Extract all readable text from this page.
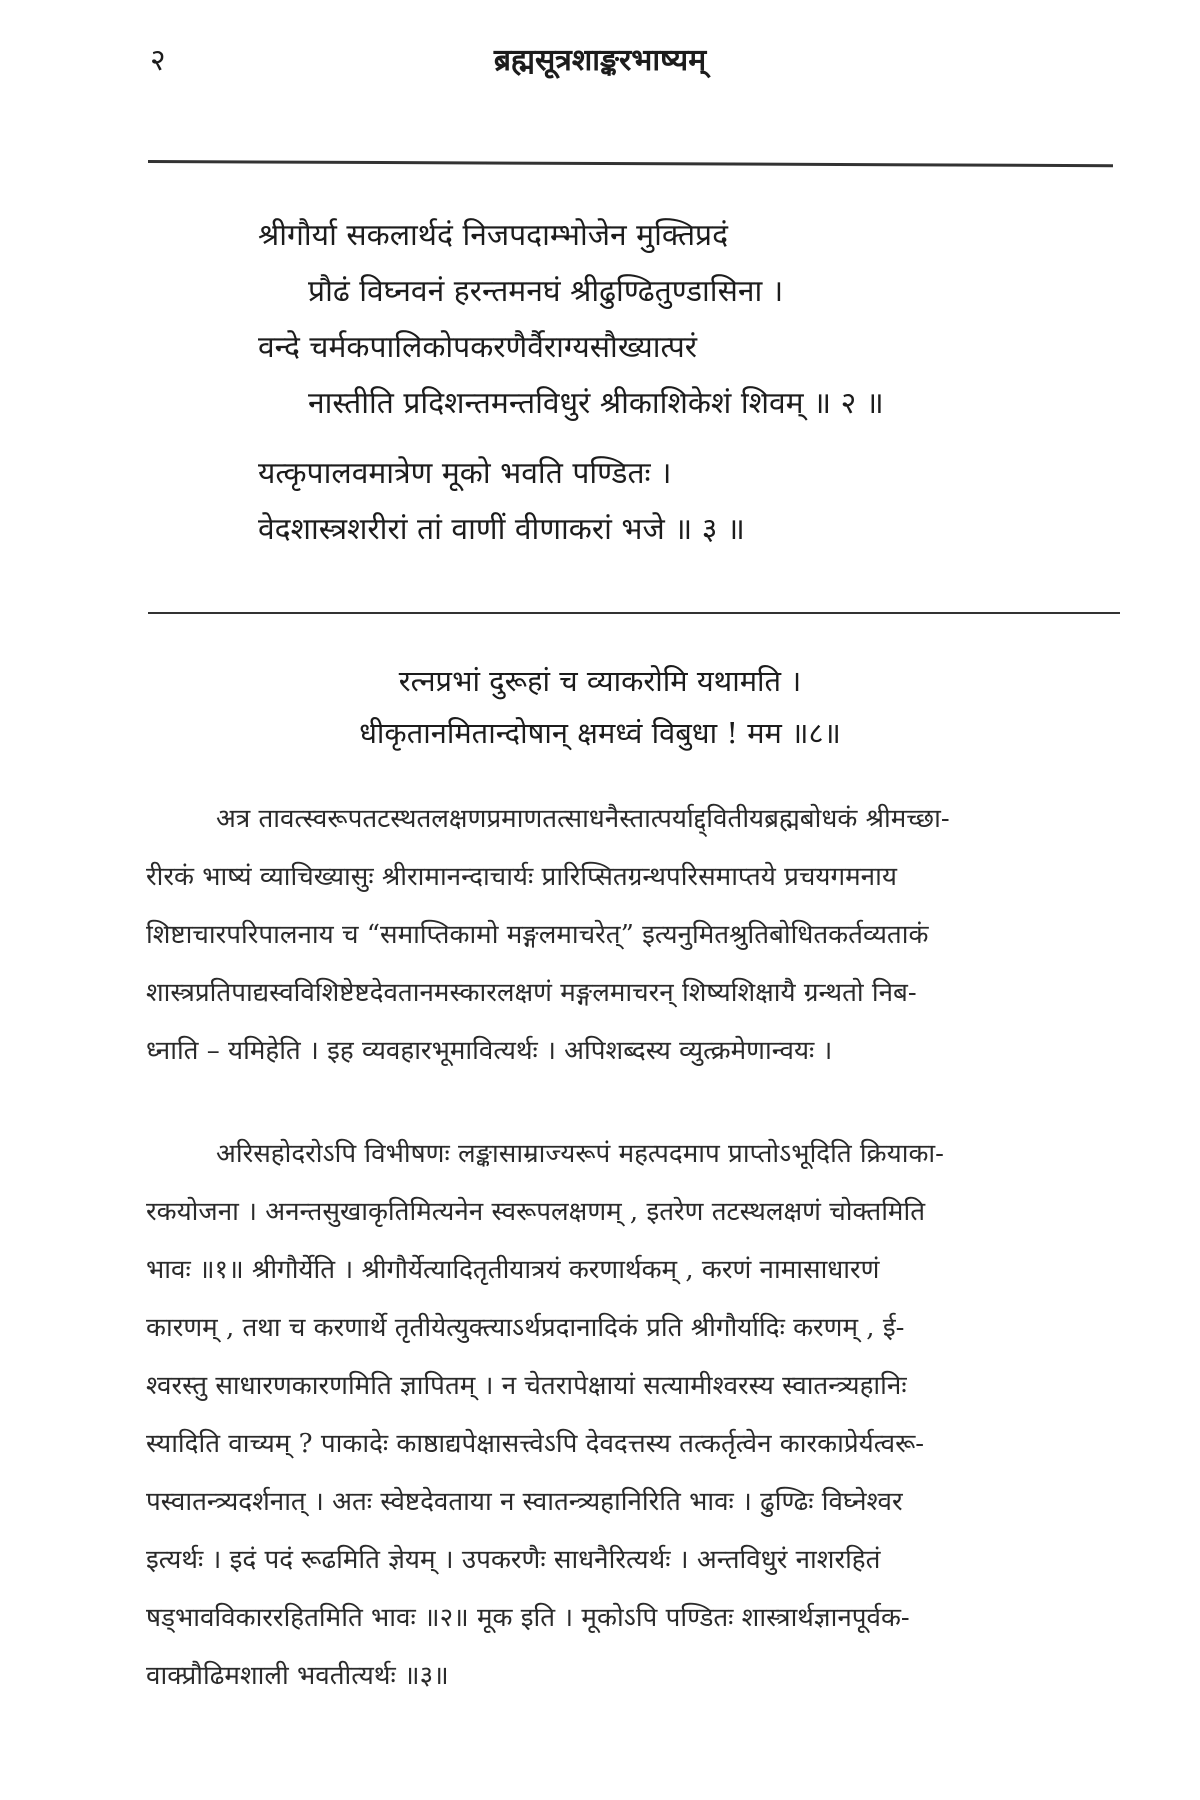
२	ब्रह्मसूत्रशाङ्करभाष्यम्
श्रीगौर्या सकलार्थदं निजपदाम्भोजेन मुक्तिप्रदं
प्रौढं विघ्नवनं हरन्तमनघं श्रीढुण्ढितुण्डासिना ।
वन्दे चर्मकपालिकोपकरणैर्वैराग्यसौख्यात्परं
नास्तीति प्रदिशन्तमन्तविधुरं श्रीकाशिकेशं शिवम् ॥ २ ॥
यत्कृपालवमात्रेण मूको भवति पण्डितः ।
वेदशास्त्रशरीरां तां वाणीं वीणाकरां भजे ॥ ३ ॥
रत्नप्रभां दुरूहां च व्याकरोमि यथामति ।
धीकृतानमितान्दोषान् क्षमध्वं विबुधा ! मम ॥८॥
अत्र तावत्स्वरूपतटस्थतलक्षणप्रमाणतत्साधनैस्तात्पर्याद्द्वितीयब्रह्मबोधकं श्रीमच्छा-
रीरकं भाष्यं व्याचिख्यासुः श्रीरामानन्दाचार्यः प्रारिप्सितग्रन्थपरिसमाप्तये प्रचयगमनाय
शिष्टाचारपरिपालनाय च “समाप्तिकामो मङ्गलमाचरेत्” इत्यनुमितश्रुतिबोधितकर्तव्यताकं
शास्त्रप्रतिपाद्यस्वविशिष्टेष्टदेवतानमस्कारलक्षणं मङ्गलमाचरन् शिष्यशिक्षायै ग्रन्थतो निब-
ध्नाति – यमिहेति । इह व्यवहारभूमावित्यर्थः । अपिशब्दस्य व्युत्क्रमेणान्वयः ।
अरिसहोदरोऽपि विभीषणः लङ्कासाम्राज्यरूपं महत्पदमाप प्राप्तोऽभूदिति क्रियाका-
रकयोजना । अनन्तसुखाकृतिमित्यनेन स्वरूपलक्षणम् , इतरेण तटस्थलक्षणं चोक्तमिति
भावः ॥१॥ श्रीगौर्येति । श्रीगौर्येत्यादितृतीयात्रयं करणार्थकम् , करणं नामासाधारणं
कारणम् , तथा च करणार्थे तृतीयेत्युक्त्याऽर्थप्रदानादिकं प्रति श्रीगौर्यादिः करणम् , ई-
श्वरस्तु साधारणकारणमिति ज्ञापितम् । न चेतरापेक्षायां सत्यामीश्वरस्य स्वातन्त्र्यहानिः
स्यादिति वाच्यम् ? पाकादेः काष्ठाद्यपेक्षासत्त्वेऽपि देवदत्तस्य तत्कर्तृत्वेन कारकाप्रेर्यत्वरू-
पस्वातन्त्र्यदर्शनात् । अतः स्वेष्टदेवताया न स्वातन्त्र्यहानिरिति भावः । ढुण्ढिः विघ्नेश्वर
इत्यर्थः । इदं पदं रूढमिति ज्ञेयम् । उपकरणैः साधनैरित्यर्थः । अन्तविधुरं नाशरहितं
षड्भावविकाररहितमिति भावः ॥२॥ मूक इति । मूकोऽपि पण्डितः शास्त्रार्थज्ञानपूर्वक-
वाक्प्रौढिमशाली भवतीत्यर्थः ॥३॥
